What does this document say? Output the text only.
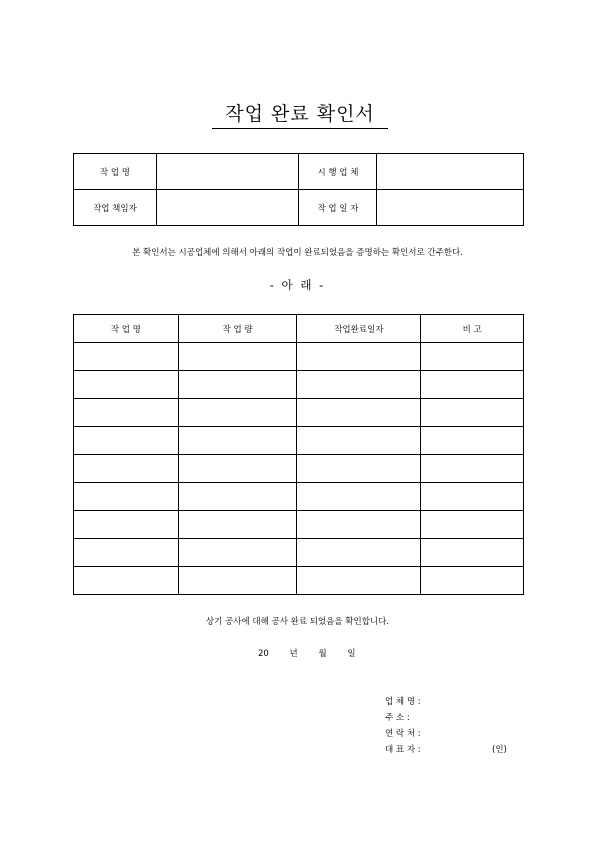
작업 완료 확인서
작 업 명		시 행 업 체	
작업 책임자		작 업 일 자	
본 확인서는 시공업체에 의해서 아래의 작업이 완료되었음을 증명하는 확인서로 간주한다.
- 아 래 -
작 업 명	작 업 량	작업완료일자	비 고

상기 공사에 대해 공사 완료 되었음을 확인합니다.
20 년 월 일
업 체 명 :
주 소 :
연 락 처 :
대 표 자 :	(인)
